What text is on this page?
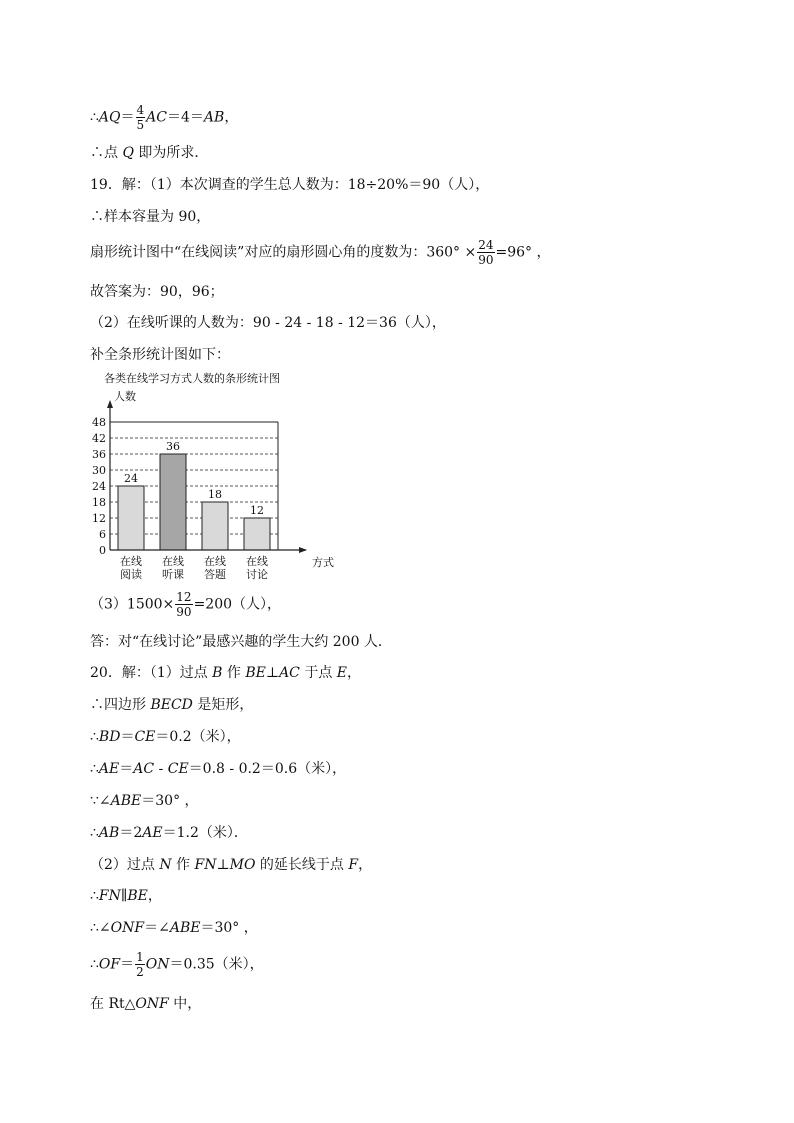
∴AQ＝ $\frac{4}{5} AC=4=AB$，
∴点 Q 即为所求．
19．解：（1）本次调查的学生总人数为：18÷20%＝90（人），
∴样本容量为 90，
扇形统计图中“在线阅读”对应的扇形圆心角的度数为：$360^\circ \times \frac{24}{90} =96^\circ$ ，
故答案为：90，96；
（2）在线听课的人数为：90 - 24 - 18 - 12＝36（人），
补全条形统计图如下：
各类在线学习方式人数的条形统计图
0
6
12
18
24
30
36
42
48
人数
方式
24
在线
阅读
36
在线
听课
18
在线
答题
12
在线
讨论
$(3)1500\times \frac{12}{90} =200$（人），
答：对“在线讨论”最感兴趣的学生大约 200 人．
20．解：（1）过点 B 作 BE⊥AC 于点 E，
∴四边形 BECD 是矩形，
∴BD＝CE＝0.2（米），
∴AE＝AC - CE＝0.8 - 0.2＝0.6（米），
∵∠ABE＝30° ，
∴AB＝2AE＝1.2（米）．
（2）过点 N 作 FN⊥MO 的延长线于点 F，
∴FN∥BE，
∴∠ONF＝∠ABE＝30° ，
∴OF＝ $\frac{1}{2} ON=0.35$（米），
在 Rt△ONF 中，
